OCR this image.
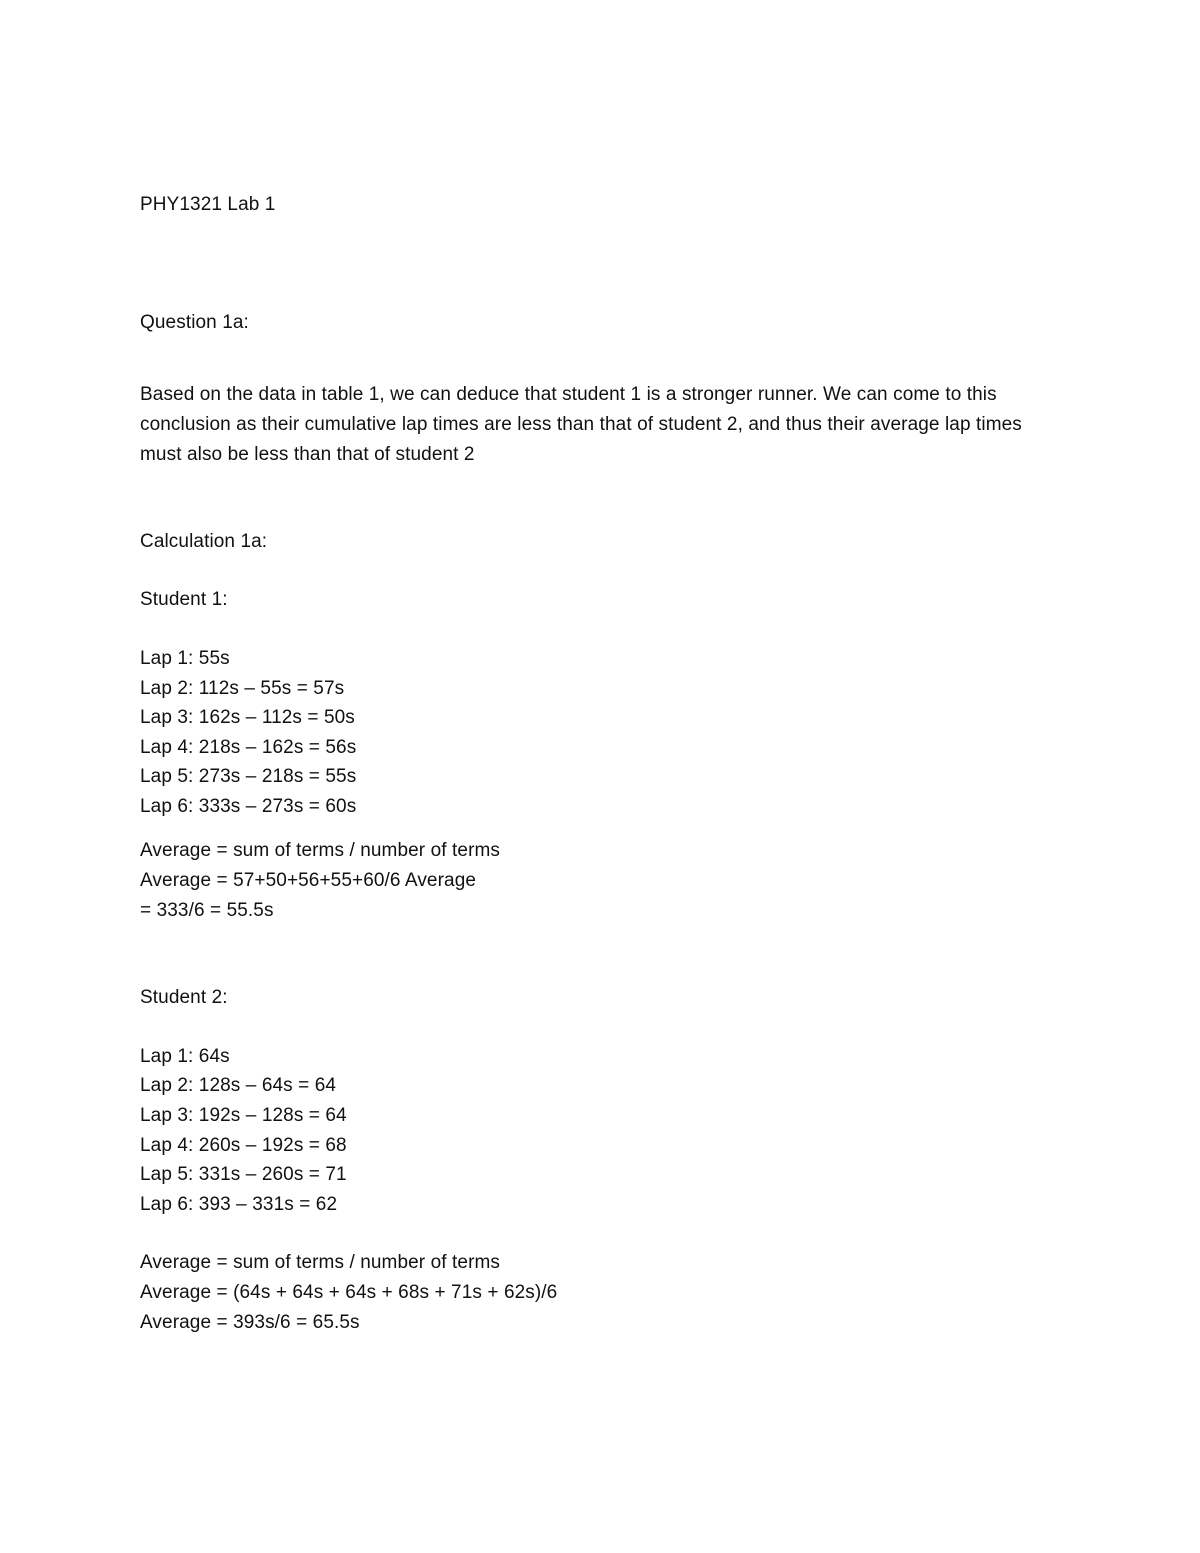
PHY1321 Lab 1
Question 1a:
Based on the data in table 1, we can deduce that student 1 is a stronger runner. We can come to this
conclusion as their cumulative lap times are less than that of student 2, and thus their average lap times
must also be less than that of student 2
Calculation 1a:
Student 1:
Lap 1: 55s
Lap 2: 112s – 55s = 57s
Lap 3: 162s – 112s = 50s
Lap 4: 218s – 162s = 56s
Lap 5: 273s – 218s = 55s
Lap 6: 333s – 273s = 60s
Average = sum of terms / number of terms
Average = 57+50+56+55+60/6 Average
= 333/6 = 55.5s
Student 2:
Lap 1: 64s
Lap 2: 128s – 64s = 64
Lap 3: 192s – 128s = 64
Lap 4: 260s – 192s = 68
Lap 5: 331s – 260s = 71
Lap 6: 393 – 331s = 62
Average = sum of terms / number of terms
Average = (64s + 64s + 64s + 68s + 71s + 62s)/6
Average = 393s/6 = 65.5s
